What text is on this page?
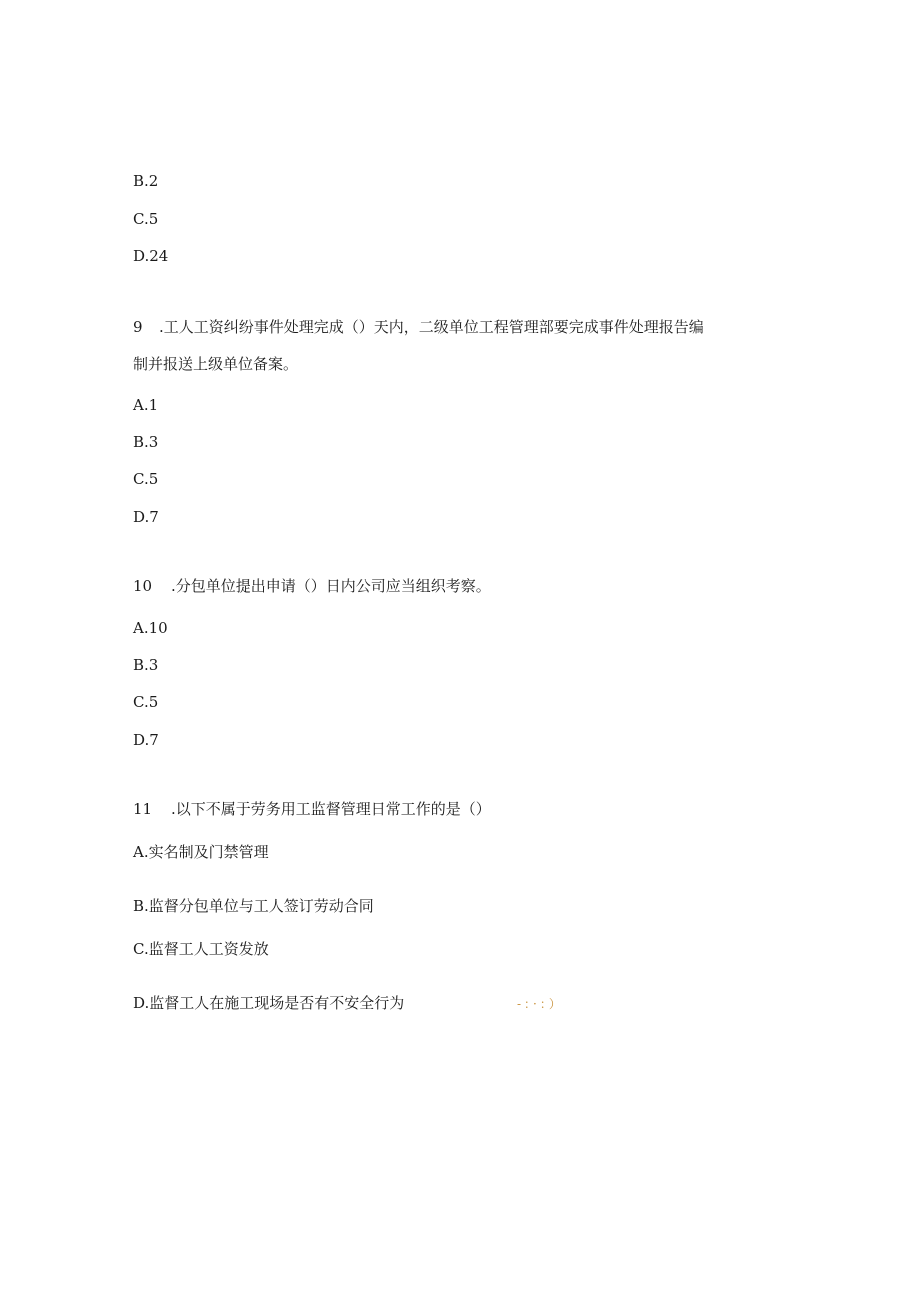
B.2
C.5
D.24
9 .工人工资纠纷事件处理完成（）天内，二级单位工程管理部要完成事件处理报告编
制并报送上级单位备案。
A.1
B.3
C.5
D.7
10 .分包单位提出申请（）日内公司应当组织考察。
A.10
B.3
C.5
D.7
11 .以下不属于劳务用工监督管理日常工作的是（）
A.实名制及门禁管理
B.监督分包单位与工人签订劳动合同
C.监督工人工资发放
D.监督工人在施工现场是否有不安全行为	-：·：）
